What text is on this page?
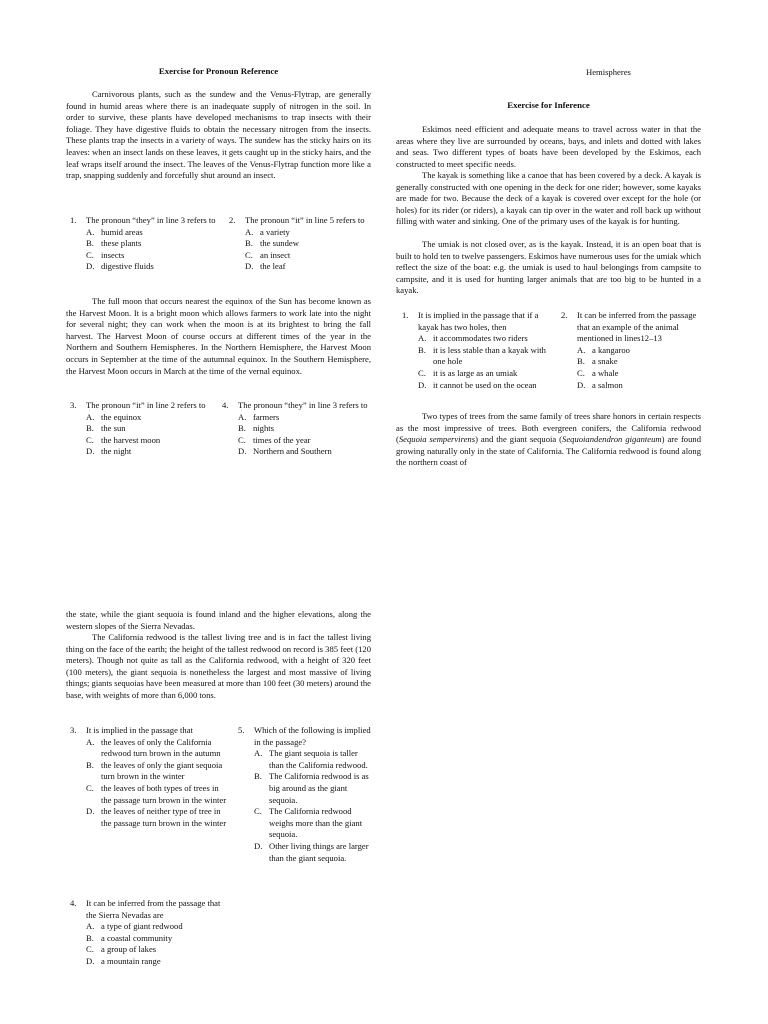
Exercise for Pronoun Reference

Carnivorous plants, such as the sundew and the Venus-Flytrap, are generally found in humid areas where there is an inadequate supply of nitrogen in the soil. In order to survive, these plants have developed mechanisms to trap insects with their foliage. They have digestive fluids to obtain the necessary nitrogen from the insects. These plants trap the insects in a variety of ways. The sundew has the sticky hairs on its leaves: when an insect lands on these leaves, it gets caught up in the sticky hairs, and the leaf wraps itself around the insect. The leaves of the Venus-Flytrap function more like a trap, snapping suddenly and forcefully shut around an insect.

1.	The pronoun “they” in line 3 refers to
A. humid areas
B. these plants
C. insects
D. digestive fluids
2.	The pronoun “it” in line 5 refers to
A. a variety
B. the sundew
C. an insect
D. the leaf

The full moon that occurs nearest the equinox of the Sun has become known as the Harvest Moon. It is a bright moon which allows farmers to work late into the night for several night; they can work when the moon is at its brightest to bring the fall harvest. The Harvest Moon of course occurs at different times of the year in the Northern and Southern Hemispheres. In the Northern Hemisphere, the Harvest Moon occurs in September at the time of the autumnal equinox. In the Southern Hemisphere, the Harvest Moon occurs in March at the time of the vernal equinox.

3.	The pronoun “it” in line 2 refers to
A. the equinox
B. the sun
C. the harvest moon
D. the night
4.	The pronoun “they” in line 3 refers to
A. farmers
B. nights
C. times of the year
D. Northern and Southern
Hemispheres
Exercise for Inference

Eskimos need efficient and adequate means to travel across water in that the areas where they live are surrounded by oceans, bays, and inlets and dotted with lakes and seas. Two different types of boats have been developed by the Eskimos, each constructed to meet specific needs.

The kayak is something like a canoe that has been covered by a deck. A kayak is generally constructed with one opening in the deck for one rider; however, some kayaks are made for two. Because the deck of a kayak is covered over except for the hole (or holes) for its rider (or riders), a kayak can tip over in the water and roll back up without filling with water and sinking. One of the primary uses of the kayak is for hunting.

The umiak is not closed over, as is the kayak. Instead, it is an open boat that is built to hold ten to twelve passengers. Eskimos have numerous uses for the umiak which reflect the size of the boat: e.g. the umiak is used to haul belongings from campsite to campsite, and it is used for hunting larger animals that are too big to be hunted in a kayak.

1.	It is implied in the passage that if a kayak has two holes, then
A. it accommodates two riders
B. it is less stable than a kayak with one hole
C. it is as large as an umiak
D. it cannot be used on the ocean
2.	It can be inferred from the passage that an example of the animal mentioned in lines12–13
A. a kangaroo
B. a snake
C. a whale
D. a salmon

Two types of trees from the same family of trees share honors in certain respects as the most impressive of trees. Both evergreen conifers, the California redwood (Sequoia sempervirens) and the giant sequoia (Sequoiandendron giganteum) are found growing naturally only in the state of California. The California redwood is found along the northern coast of

the state, while the giant sequoia is found inland and the higher elevations, along the western slopes of the Sierra Nevadas.

The California redwood is the tallest living tree and is in fact the tallest living thing on the face of the earth; the height of the tallest redwood on record is 385 feet (120 meters). Though not quite as tall as the California redwood, with a height of 320 feet (100 meters), the giant sequoia is nonetheless the largest and most massive of living things; giants sequoias have been measured at more than 100 feet (30 meters) around the base, with weights of more than 6,000 tons.

3.	It is implied in the passage that
A. the leaves of only the California redwood turn brown in the autumn
B. the leaves of only the giant sequoia turn brown in the winter
C. the leaves of both types of trees in the passage turn brown in the winter
D. the leaves of neither type of tree in the passage turn brown in the winter
5.	Which of the following is implied in the passage?
A. The giant sequoia is taller than the California redwood.
B. The California redwood is as big around as the giant sequoia.
C. The California redwood weighs more than the giant sequoia.
D. Other living things are larger than the giant sequoia.
4.	It can be inferred from the passage that the Sierra Nevadas are
A. a type of giant redwood
B. a coastal community
C. a group of lakes
D. a mountain range
